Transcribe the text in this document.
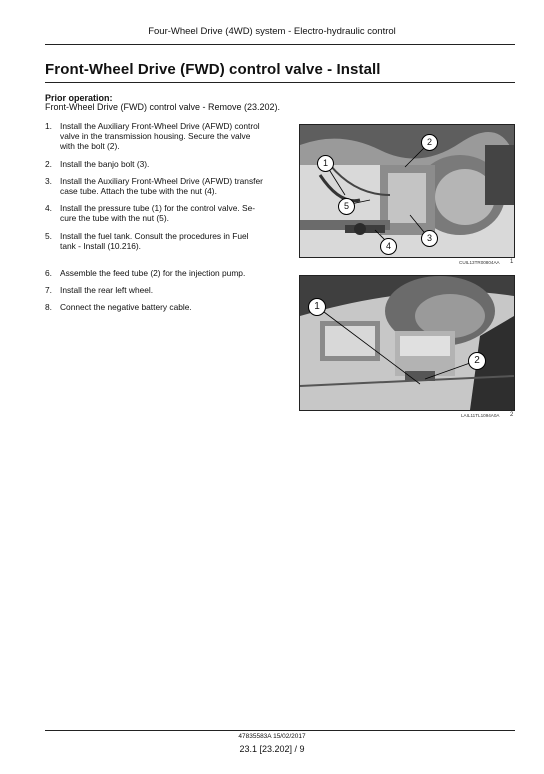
Four-Wheel Drive (4WD) system - Electro-hydraulic control
Front-Wheel Drive (FWD) control valve - Install
Prior operation:
Front-Wheel Drive (FWD) control valve - Remove (23.202).
1. Install the Auxiliary Front-Wheel Drive (AFWD) control
valve in the transmission housing. Secure the valve
with the bolt (2).
2. Install the banjo bolt (3).
3. Install the Auxiliary Front-Wheel Drive (AFWD) transfer
case tube. Attach the tube with the nut (4).
4. Install the pressure tube (1) for the control valve. Se-
cure the tube with the nut (5).
5. Install the fuel tank. Consult the procedures in Fuel
tank - Install (10.216).
6. Assemble the feed tube (2) for the injection pump.
7. Install the rear left wheel.
8. Connect the negative battery cable.
1
2
3
4
5
CUIL13TR00804AA 1
1
2
LAIL11TL1094A0A 2
47835583A 15/02/2017
23.1 [23.202] / 9
